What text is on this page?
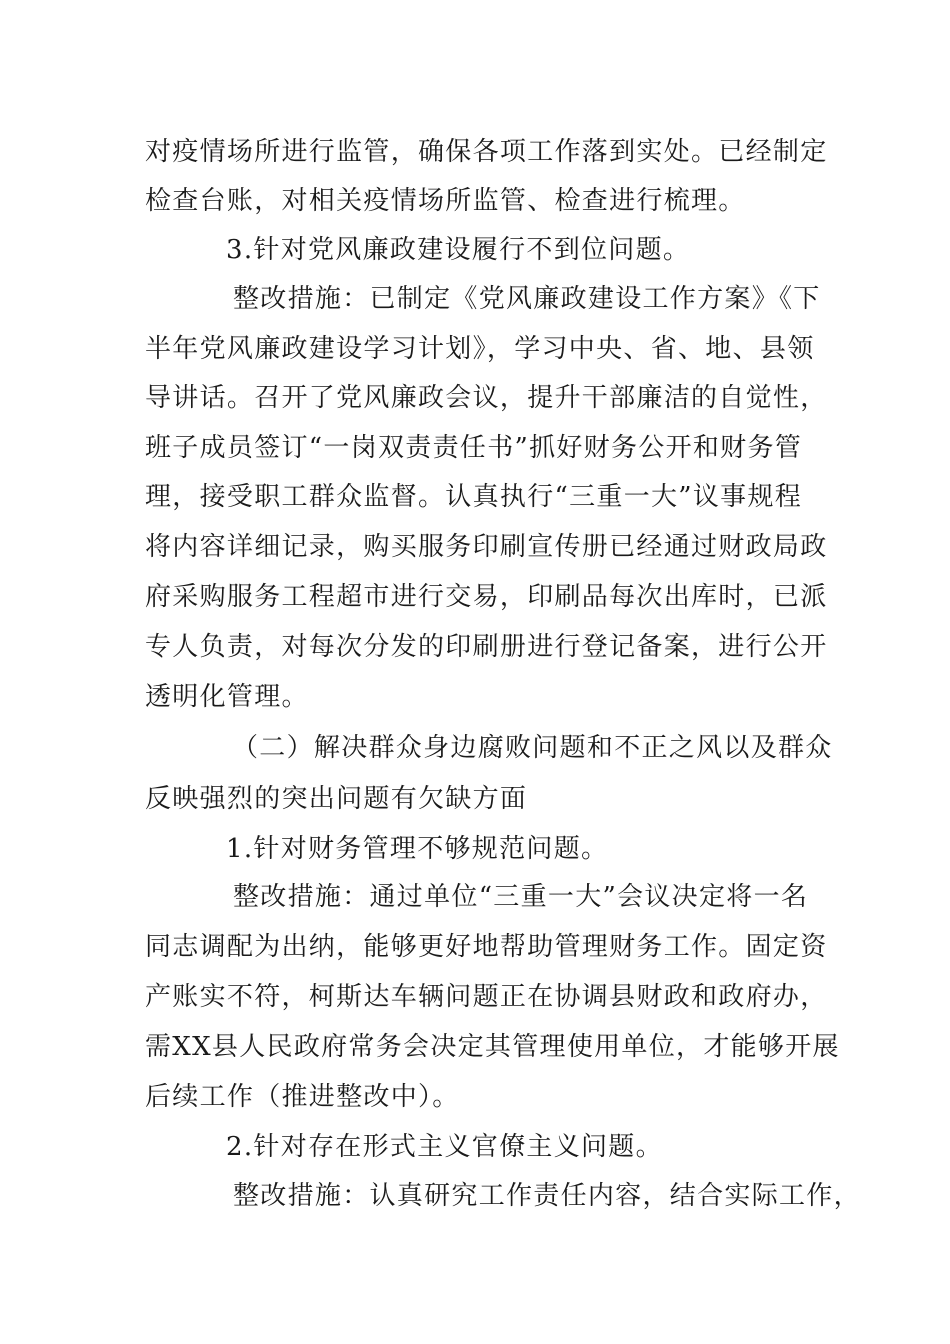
对疫情场所进行监管，确保各项工作落到实处。已经制定
检查台账，对相关疫情场所监管、检查进行梳理。
3.针对党风廉政建设履行不到位问题。
整改措施：已制定《党风廉政建设工作方案》《下
半年党风廉政建设学习计划》，学习中央、省、地、县领
导讲话。召开了党风廉政会议，提升干部廉洁的自觉性，
班子成员签订“一岗双责责任书”抓好财务公开和财务管
理，接受职工群众监督。认真执行“三重一大”议事规程
将内容详细记录，购买服务印刷宣传册已经通过财政局政
府采购服务工程超市进行交易，印刷品每次出库时，已派
专人负责，对每次分发的印刷册进行登记备案，进行公开
透明化管理。
（二）解决群众身边腐败问题和不正之风以及群众
反映强烈的突出问题有欠缺方面
1.针对财务管理不够规范问题。
整改措施：通过单位“三重一大”会议决定将一名
同志调配为出纳，能够更好地帮助管理财务工作。固定资
产账实不符，柯斯达车辆问题正在协调县财政和政府办，
需XX县人民政府常务会决定其管理使用单位，才能够开展
后续工作（推进整改中）。
2.针对存在形式主义官僚主义问题。
整改措施：认真研究工作责任内容，结合实际工作，
